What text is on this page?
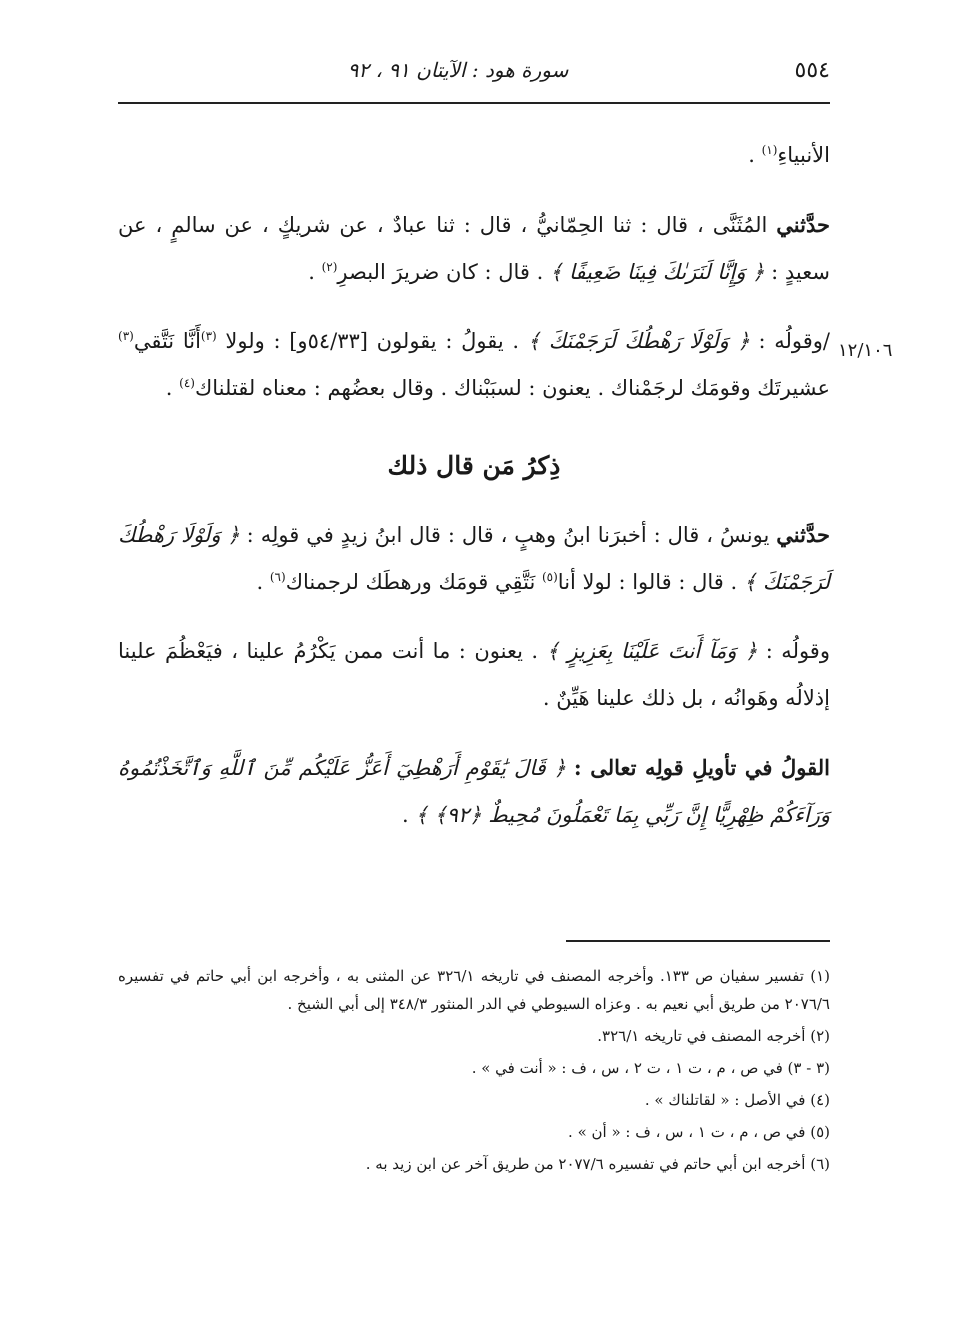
٥٥٤
سورة هود : الآيتان ٩١ ، ٩٢
١٢/١٠٦

الأنبياءِ$^{(١)}$ .

حدَّثني المُثَنَّى ، قال : ثنا الحِمّانيُّ ، قال : ثنا عبادٌ ، عن شريكٍ ، عن سالمٍ ، عن سعيدٍ : ﴿ وَإِنَّا لَنَرَىٰكَ فِينَا ضَعِيفًا ﴾ . قال : كان ضريرَ البصرِ$^{(٢)}$ .

/وقولُه : ﴿ وَلَوْلَا رَهْطُكَ لَرَجَمْنَكَ ﴾ . يقولُ : يقولون [٥٤/٣٣و] : ولولا $^{(٣)}$أَنَّا نَتَّقي$^{(٣)}$ عشيرتَك وقومَك لرجَمْناك . يعنون : لسبَبْناك . وقال بعضُهم : معناه لقتلناك$^{(٤)}$ .

ذِكرُ مَن قال ذلك

حدَّثني يونسُ ، قال : أخبرَنا ابنُ وهبٍ ، قال : قال ابنُ زيدٍ في قولِه : ﴿ وَلَوْلَا رَهْطُكَ لَرَجَمْنَكَ ﴾ . قال : قالوا : لولا أنا$^{(٥)}$ نَتَّقِي قومَك ورهطَك لرجمناك$^{(٦)}$ .

وقولُه : ﴿ وَمَآ أَنتَ عَلَيْنَا بِعَزِيزٍ ﴾ . يعنون : ما أنت ممن يَكْرُمُ علينا ، فيَعْظُمَ علينا إذلالُه وهَوانُه ، بل ذلك علينا هَيِّنٌ .

القولُ في تأويلِ قولِه تعالى : ﴿ قَالَ يَٰقَوْمِ أَرَهْطِيٓ أَعَزُّ عَلَيْكُم مِّنَ ٱللَّهِ وَٱتَّخَذْتُمُوهُ وَرَآءَكُمْ ظِهْرِيًّا إِنَّ رَبِّي بِمَا تَعْمَلُونَ مُحِيطٌ ﴿٩٢﴾ ﴾ .

(١) تفسير سفيان ص ١٣٣. وأخرجه المصنف في تاريخه ٣٢٦/١ عن المثنى به ، وأخرجه ابن أبي حاتم في تفسيره ٢٠٧٦/٦ من طريق أبي نعيم به . وعزاه السيوطي في الدر المنثور ٣٤٨/٣ إلى أبي الشيخ .

(٢) أخرجه المصنف في تاريخه ٣٢٦/١.

(٣ - ٣) في ص ، م ، ت ١ ، ت ٢ ، س ، ف : « أنت في » .

(٤) في الأصل : « لقاتلناك » .

(٥) في ص ، م ، ت ١ ، س ، ف : « أن » .

(٦) أخرجه ابن أبي حاتم في تفسيره ٢٠٧٧/٦ من طريق آخر عن ابن زيد به .
